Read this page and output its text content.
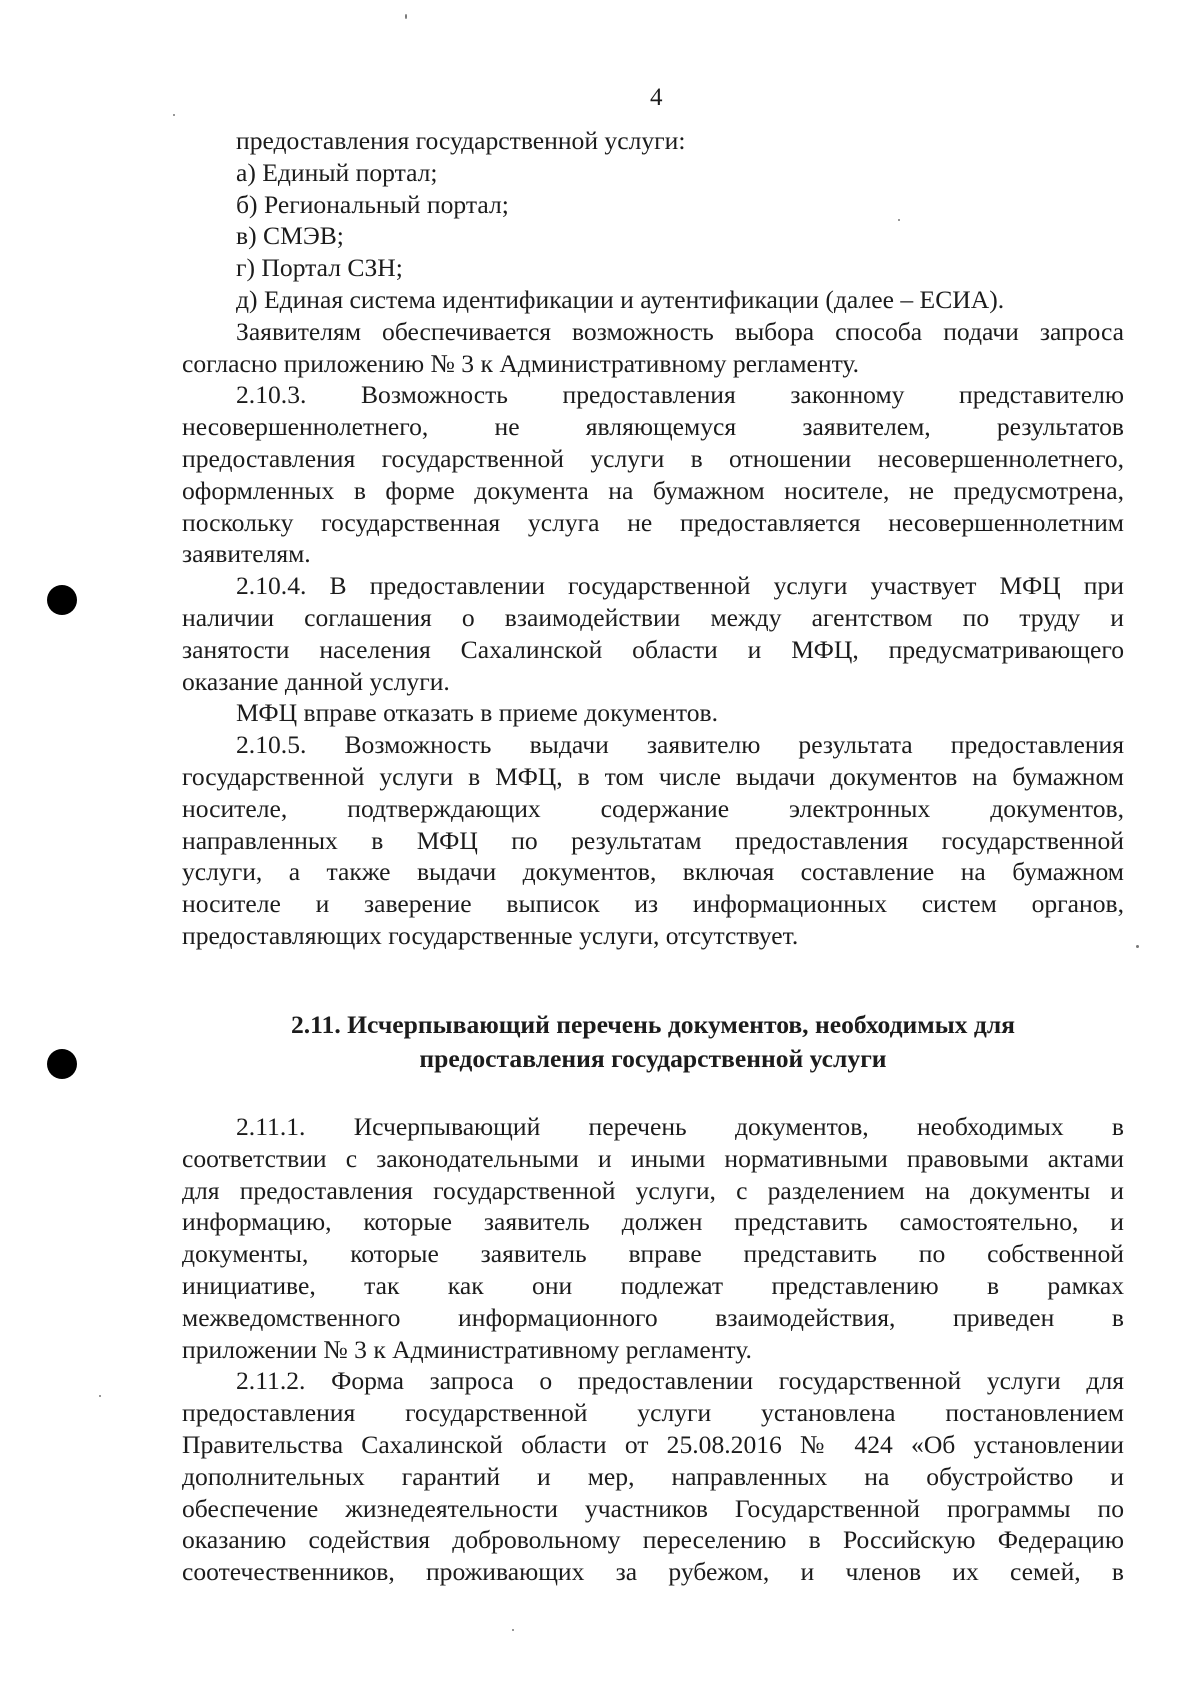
4

предоставления государственной услуги:

а) Единый портал;

б) Региональный портал;

в) СМЭВ;

г) Портал СЗН;

д) Единая система идентификации и аутентификации (далее – ЕСИА).

Заявителям обеспечивается возможность выбора способа подачи запроса

согласно приложению № 3 к Административному регламенту.

2.10.3. Возможность предоставления законному представителю

несовершеннолетнего, не являющемуся заявителем, результатов

предоставления государственной услуги в отношении несовершеннолетнего,

оформленных в форме документа на бумажном носителе, не предусмотрена,

поскольку государственная услуга не предоставляется несовершеннолетним

заявителям.

2.10.4. В предоставлении государственной услуги участвует МФЦ при

наличии соглашения о взаимодействии между агентством по труду и

занятости населения Сахалинской области и МФЦ, предусматривающего

оказание данной услуги.

МФЦ вправе отказать в приеме документов.

2.10.5. Возможность выдачи заявителю результата предоставления

государственной услуги в МФЦ, в том числе выдачи документов на бумажном

носителе, подтверждающих содержание электронных документов,

направленных в МФЦ по результатам предоставления государственной

услуги, а также выдачи документов, включая составление на бумажном

носителе и заверение выписок из информационных систем органов,

предоставляющих государственные услуги, отсутствует.

2.11. Исчерпывающий перечень документов, необходимых для
предоставления государственной услуги

2.11.1. Исчерпывающий перечень документов, необходимых в

соответствии с законодательными и иными нормативными правовыми актами

для предоставления государственной услуги, с разделением на документы и

информацию, которые заявитель должен представить самостоятельно, и

документы, которые заявитель вправе представить по собственной

инициативе, так как они подлежат представлению в рамках

межведомственного информационного взаимодействия, приведен в

приложении № 3 к Административному регламенту.

2.11.2. Форма запроса о предоставлении государственной услуги для

предоставления государственной услуги установлена постановлением

Правительства Сахалинской области от 25.08.2016 № 424 «Об установлении

дополнительных гарантий и мер, направленных на обустройство и

обеспечение жизнедеятельности участников Государственной программы по

оказанию содействия добровольному переселению в Российскую Федерацию

соотечественников, проживающих за рубежом, и членов их семей, в
